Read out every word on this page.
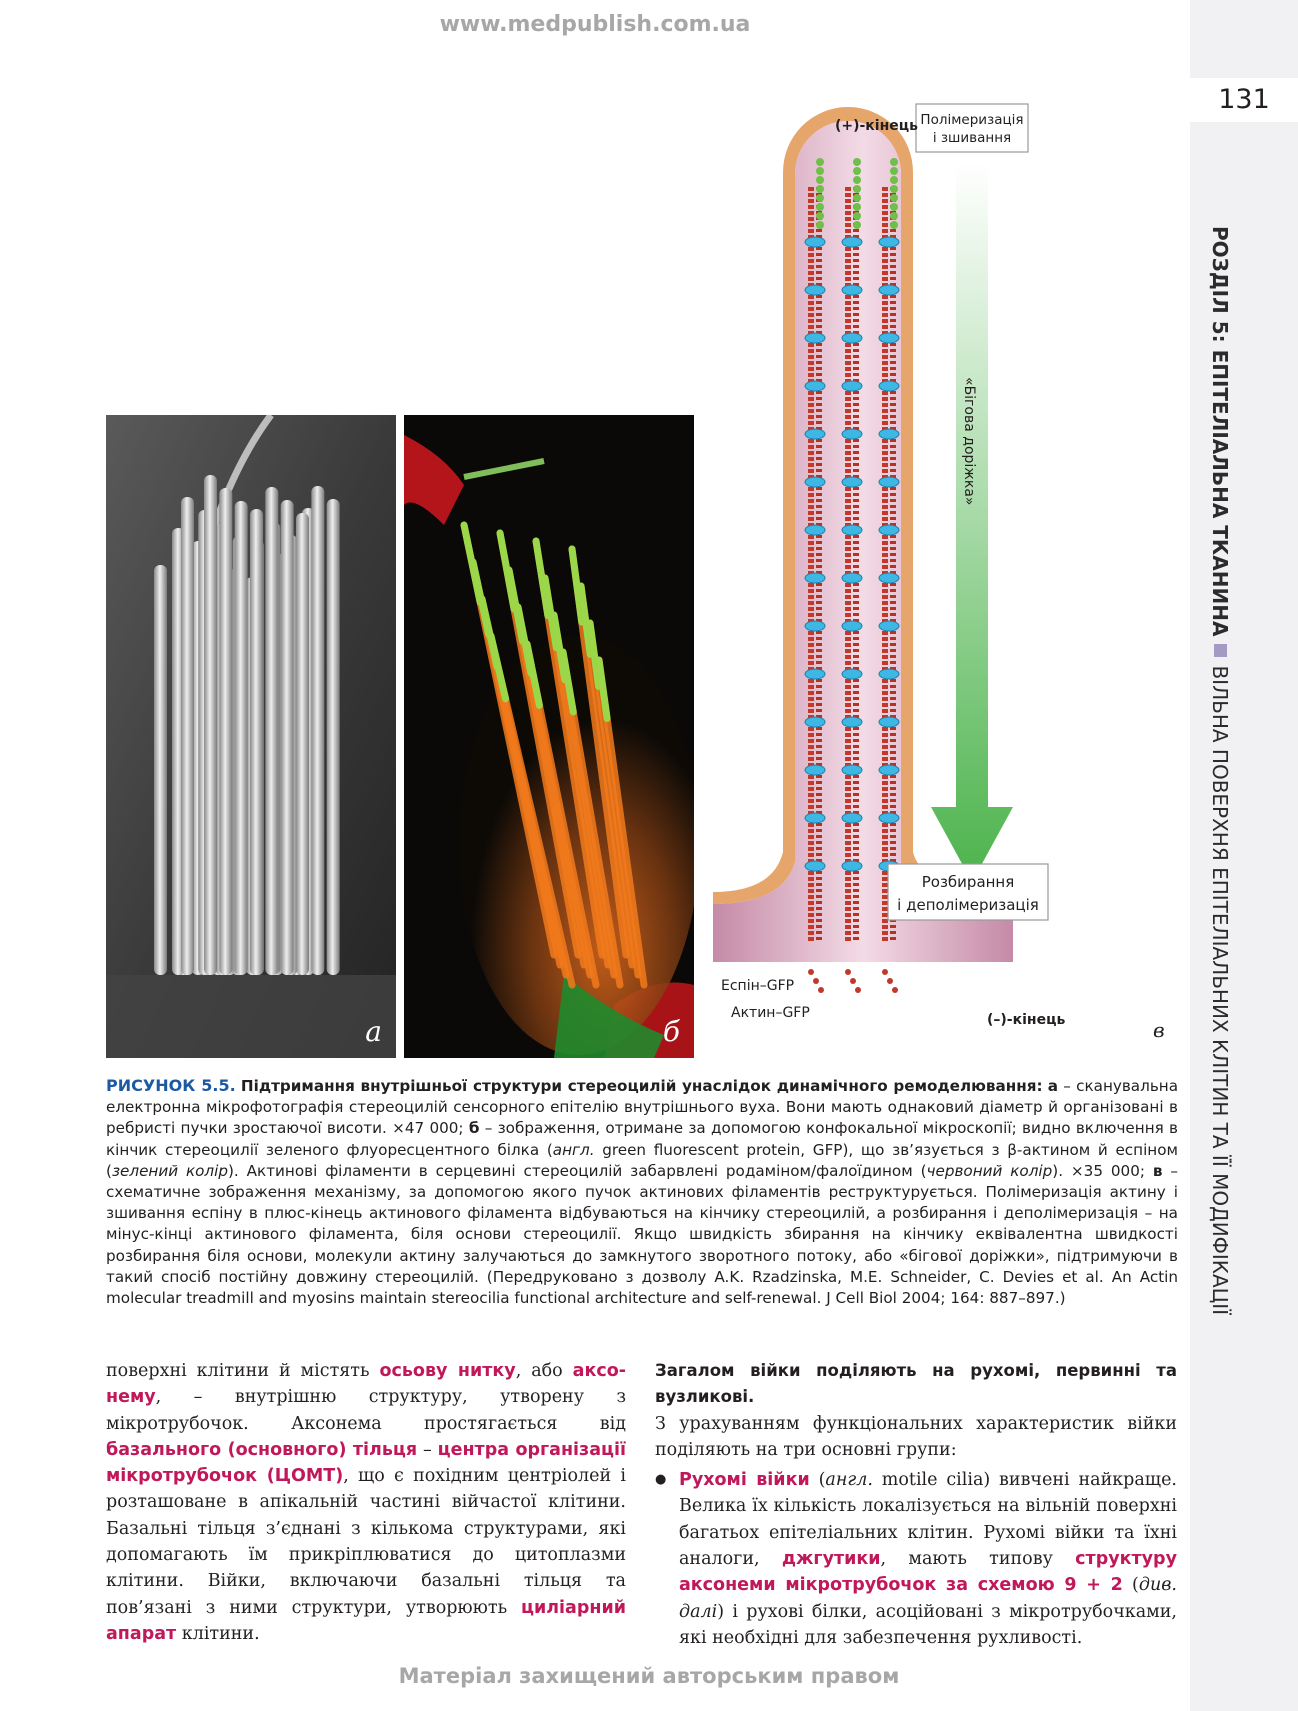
www.medpublish.com.ua
131
РОЗДІЛ 5: ЕПІТЕЛІАЛЬНА ТКАНИНАВІЛЬНА ПОВЕРХНЯ ЕПІТЕЛІАЛЬНИХ КЛІТИН ТА ЇЇ МОДИФІКАЦІЇ
а	б
«Бігова доріжка»
Полімеризація
і зшивання
Розбирання
і деполімеризація
(+)-кінець
(–)-кінець
Еспін–GFP
Актин–GFP
в
РИСУНОК 5.5. Підтримання внутрішньої структури стереоцилій унаслідок динамічного ремоделювання: а – сканувальна електронна мікрофотографія стереоцилій сенсорного епітелію внутрішнього вуха. Вони мають однаковий діаметр й організовані в ребристі пучки зростаючої висоти. ×47 000; б – зображення, отримане за допомогою конфокальної мікроскопії; видно включення в кінчик стереоцилії зеленого флуоресцентного білка (англ. green fluorescent protein, GFP), що зв’язується з β-актином й еспіном (зелений колір). Актинові філаменти в серцевині стереоцилій забарвлені родаміном/фалоїдином (червоний колір). ×35 000; в – схематичне зображення механізму, за допомогою якого пучок актинових філаментів реструктурується. Полімеризація актину і зшивання еспіну в плюс-кінець актинового філамента відбуваються на кінчику стереоцилій, а розбирання і деполімеризація – на мінус-кінці актинового філамента, біля основи стереоцилії. Якщо швидкість збирання на кінчику еквівалентна швидкості розбирання біля основи, молекули актину залучаються до замкнутого зворотного потоку, або «бігової доріжки», підтримуючи в такий спосіб постійну довжину стереоцилій. (Передруковано з дозволу A.K. Rzadzinska, M.E. Schneider, C. Devies et al. An Actin molecular treadmill and myosins maintain stereocilia functional architecture and self-renewal. J Cell Biol 2004; 164: 887–897.)

поверхні клітини й містять осьову нитку, або аксонему, – внутрішню структуру, утворену з мікротрубочок. Аксонема простягається від базального (основного) тільця – центра організації мікротрубочок (ЦОМТ), що є похідним центріолей і розташоване в апікальній частині війчастої клітини. Базальні тільця з’єднані з кількома структурами, які допомагають їм прикріплюватися до цитоплазми клітини. Війки, включаючи базальні тільця та пов’язані з ними структури, утворюють циліарний апарат клітини.

Загалом війки поділяють на рухомі, первинні та вузликові.

З урахуванням функціональних характеристик війки поділяють на три основні групи:

● Рухомі війки (англ. motile cilia) вивчені найкраще. Велика їх кількість локалізується на вільній поверхні багатьох епітеліальних клітин. Рухомі війки та їхні аналоги, джгутики, мають типову структуру аксонеми мікротрубочок за схемою 9 + 2 (див. далі) і рухові білки, асоційовані з мікротрубочками, які необхідні для забезпечення рухливості.

Матеріал захищений авторським правом
